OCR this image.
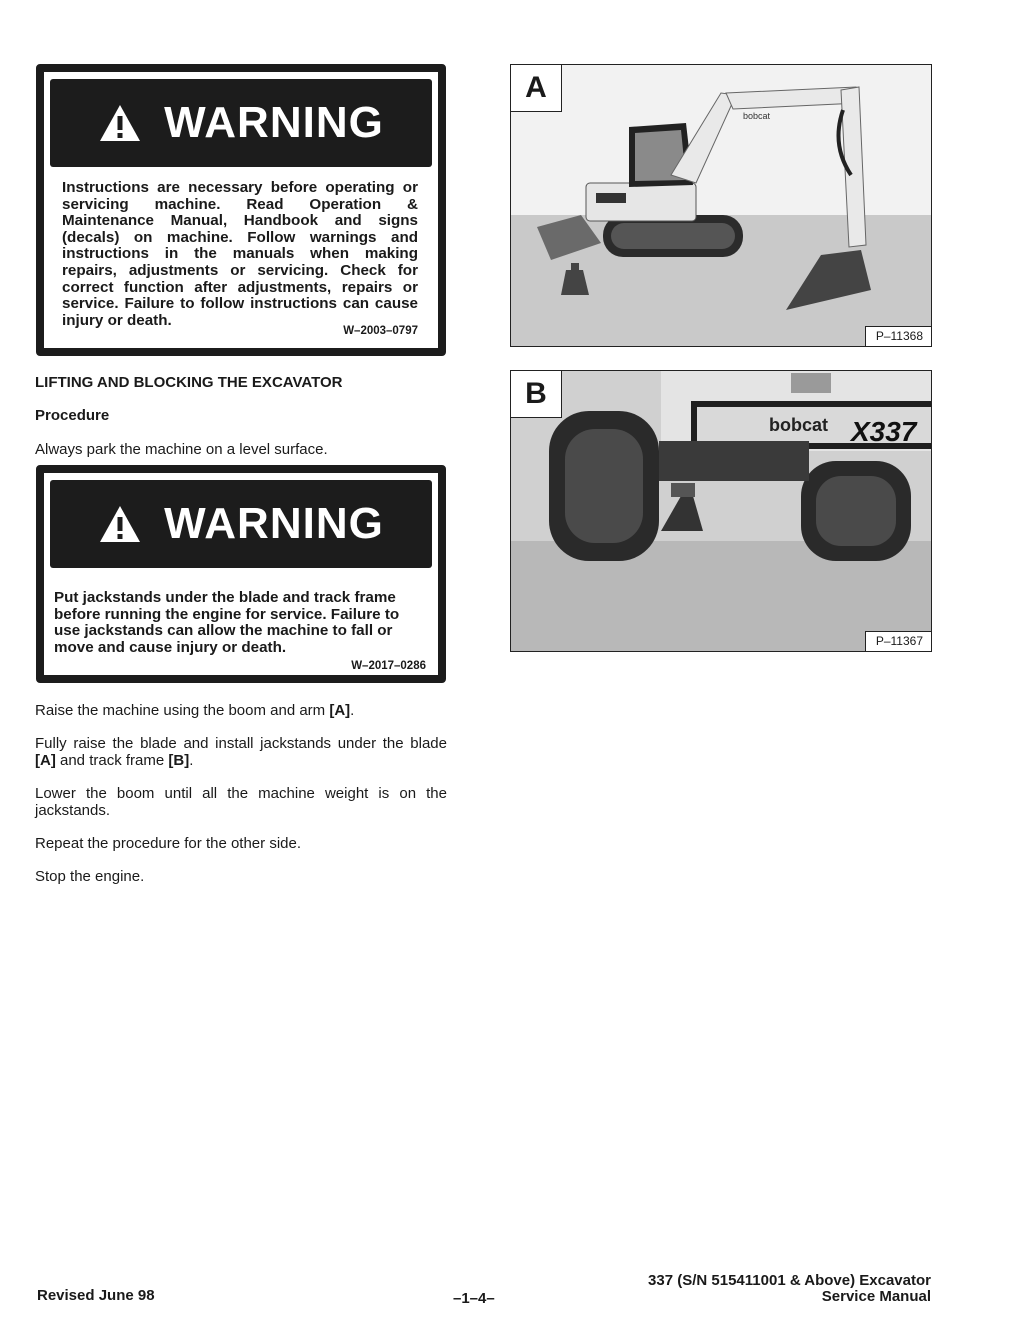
WARNING
Instructions are necessary before operating or servicing machine. Read Operation & Maintenance Manual, Handbook and signs (decals) on machine. Follow warnings and instructions in the manuals when making repairs, adjustments or servicing. Check for correct function after adjustments, repairs or service. Failure to follow instructions can cause injury or death.
W–2003–0797
LIFTING AND BLOCKING THE EXCAVATOR
Procedure
Always park the machine on a level surface.
WARNING
Put jackstands under the blade and track frame before running the engine for service. Failure to use jackstands can allow the machine to fall or move and cause injury or death.
W–2017–0286
Raise the machine using the boom and arm [A].
Fully raise the blade and install jackstands under the blade [A] and track frame [B].
Lower the boom until all the machine weight is on the jackstands.
Repeat the procedure for the other side.
Stop the engine.
bobcat
A
P–11368
bobcat X337
B
P–11367
Revised June 98	–1–4–
337 (S/N 515411001 & Above) Excavator
Service Manual
